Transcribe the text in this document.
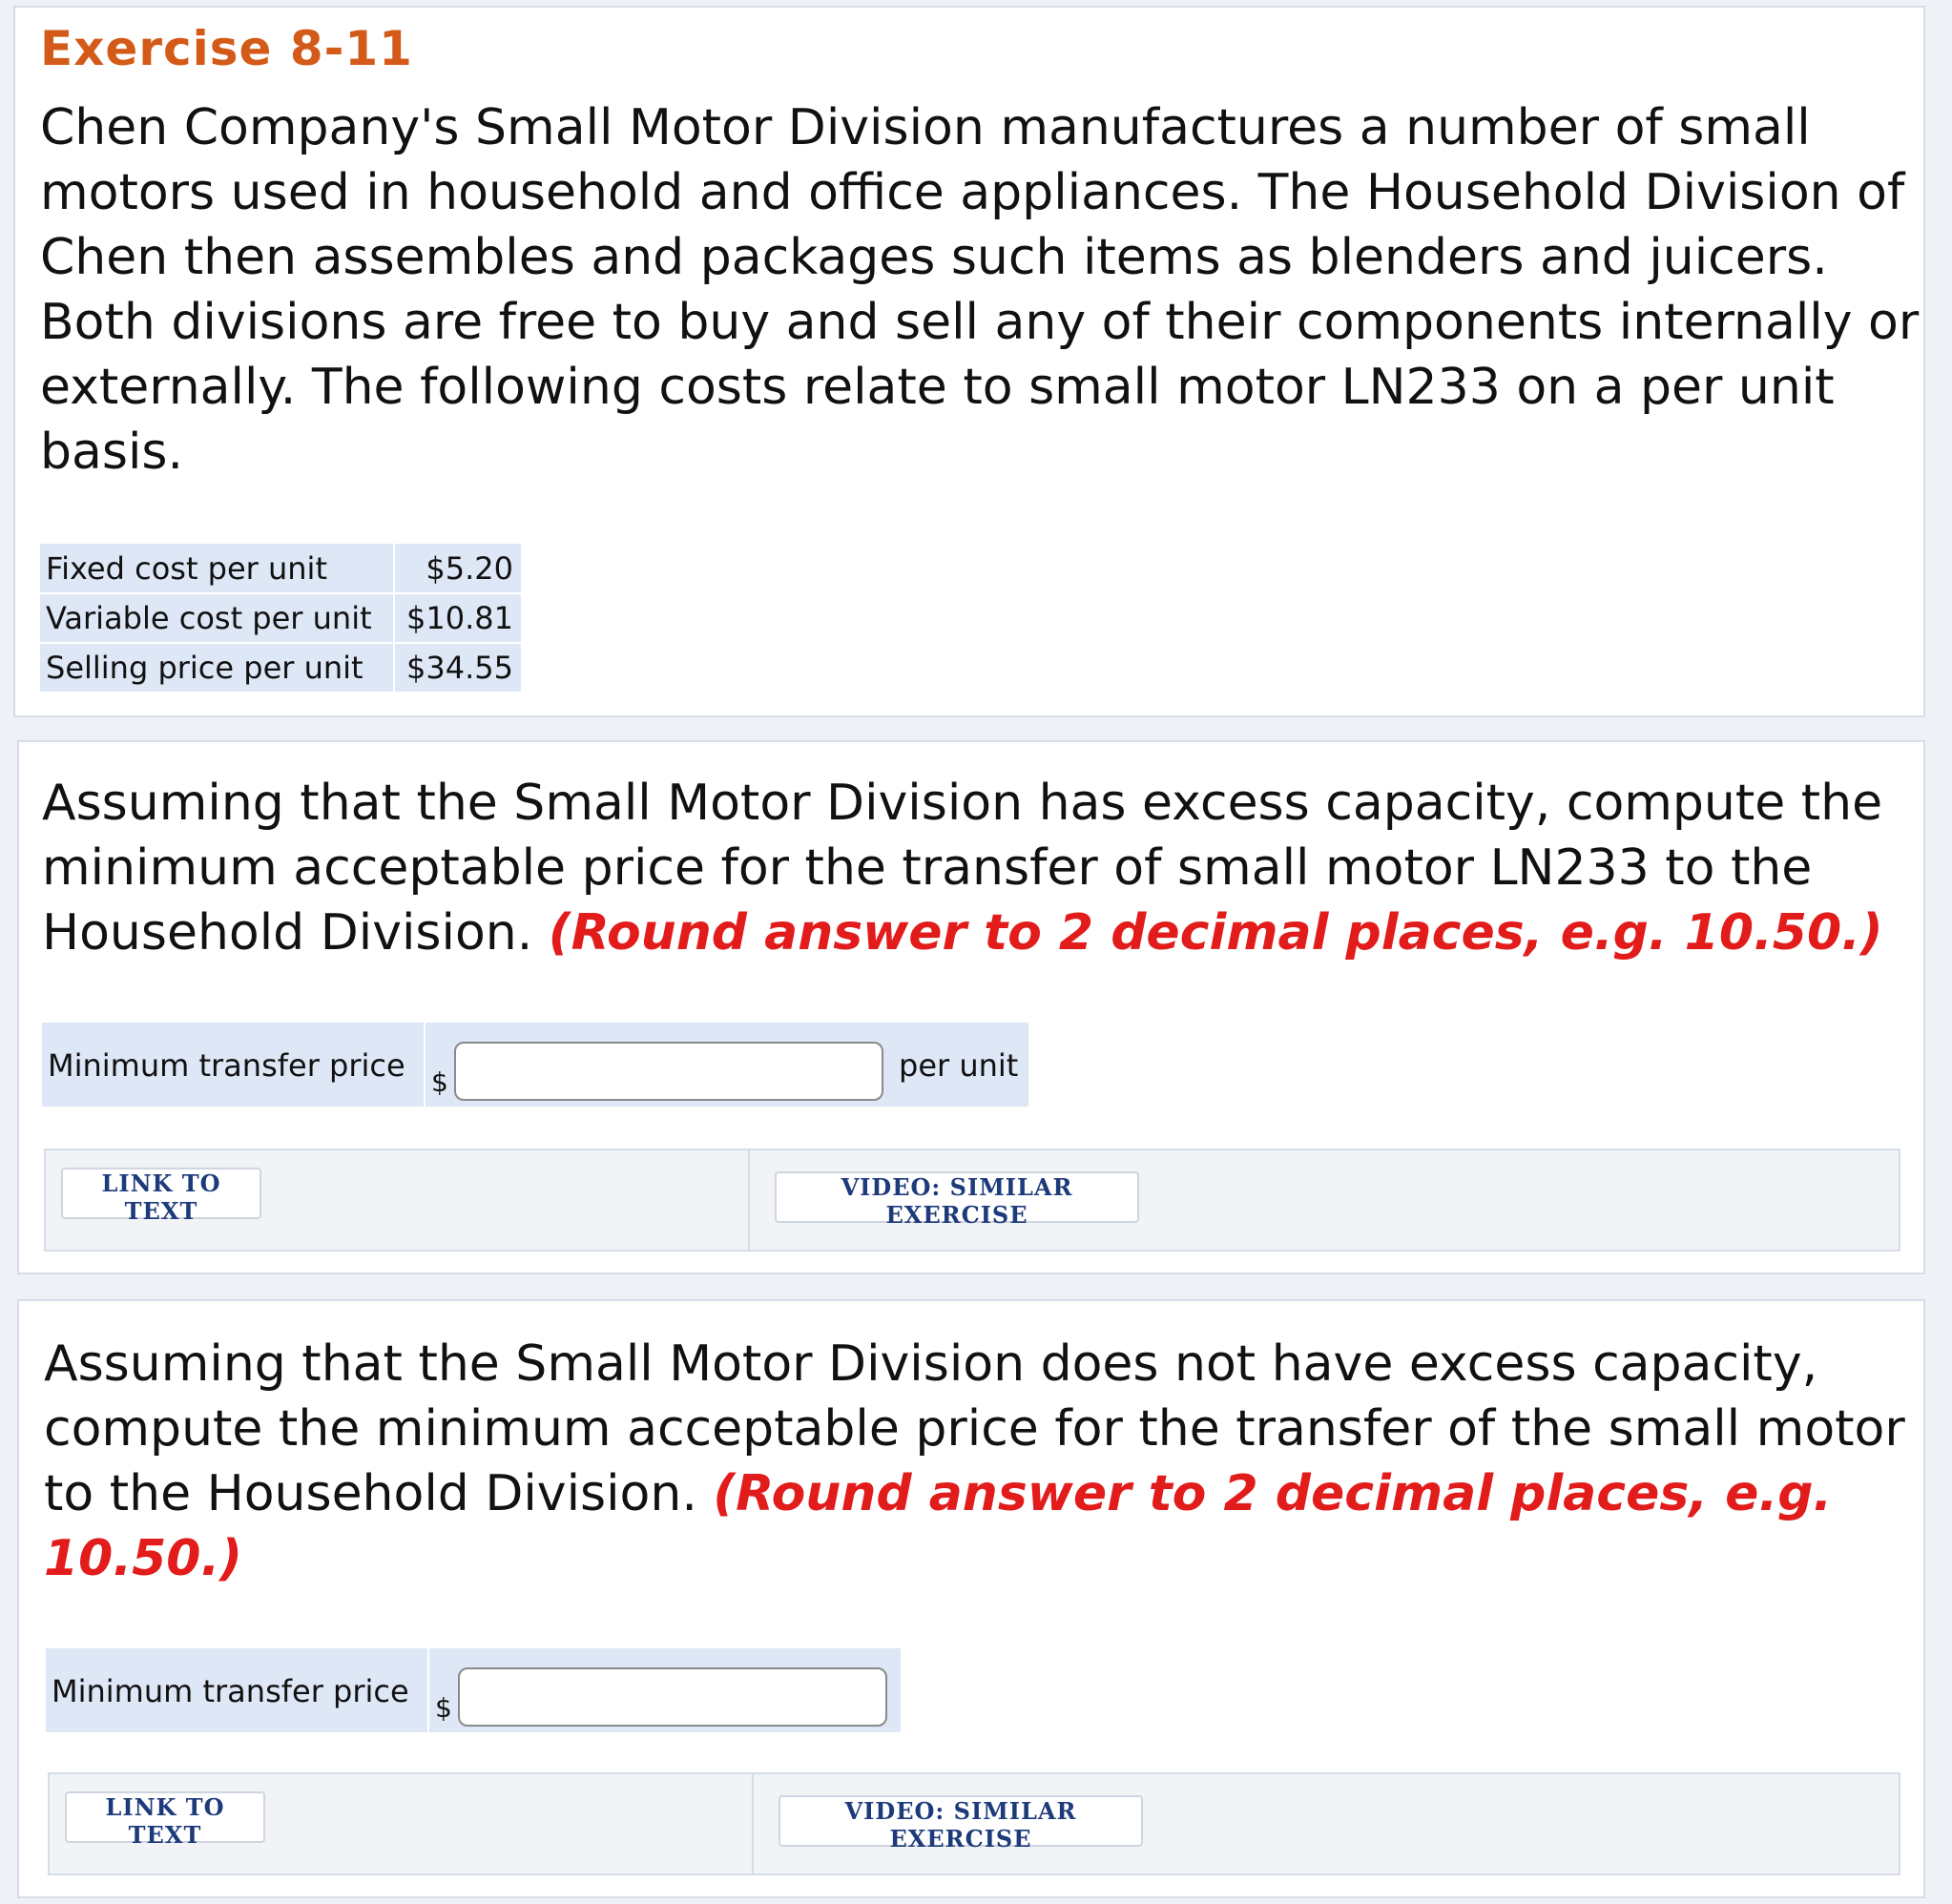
Exercise 8-11
Chen Company's Small Motor Division manufactures a number of small motors used in household and office appliances. The Household Division of Chen then assembles and packages such items as blenders and juicers. Both divisions are free to buy and sell any of their components internally or externally. The following costs relate to small motor LN233 on a per unit basis.
Fixed cost per unit	$5.20
Variable cost per unit	$10.81
Selling price per unit	$34.55
Assuming that the Small Motor Division has excess capacity, compute the minimum acceptable price for the transfer of small motor LN233 to the Household Division. (Round answer to 2 decimal places, e.g. 10.50.)
Minimum transfer price $	per unit
LINK TO TEXT
VIDEO: SIMILAR EXERCISE
Assuming that the Small Motor Division does not have excess capacity, compute the minimum acceptable price for the transfer of the small motor to the Household Division. (Round answer to 2 decimal places, e.g. 10.50.)
Minimum transfer price $
LINK TO TEXT
VIDEO: SIMILAR EXERCISE
